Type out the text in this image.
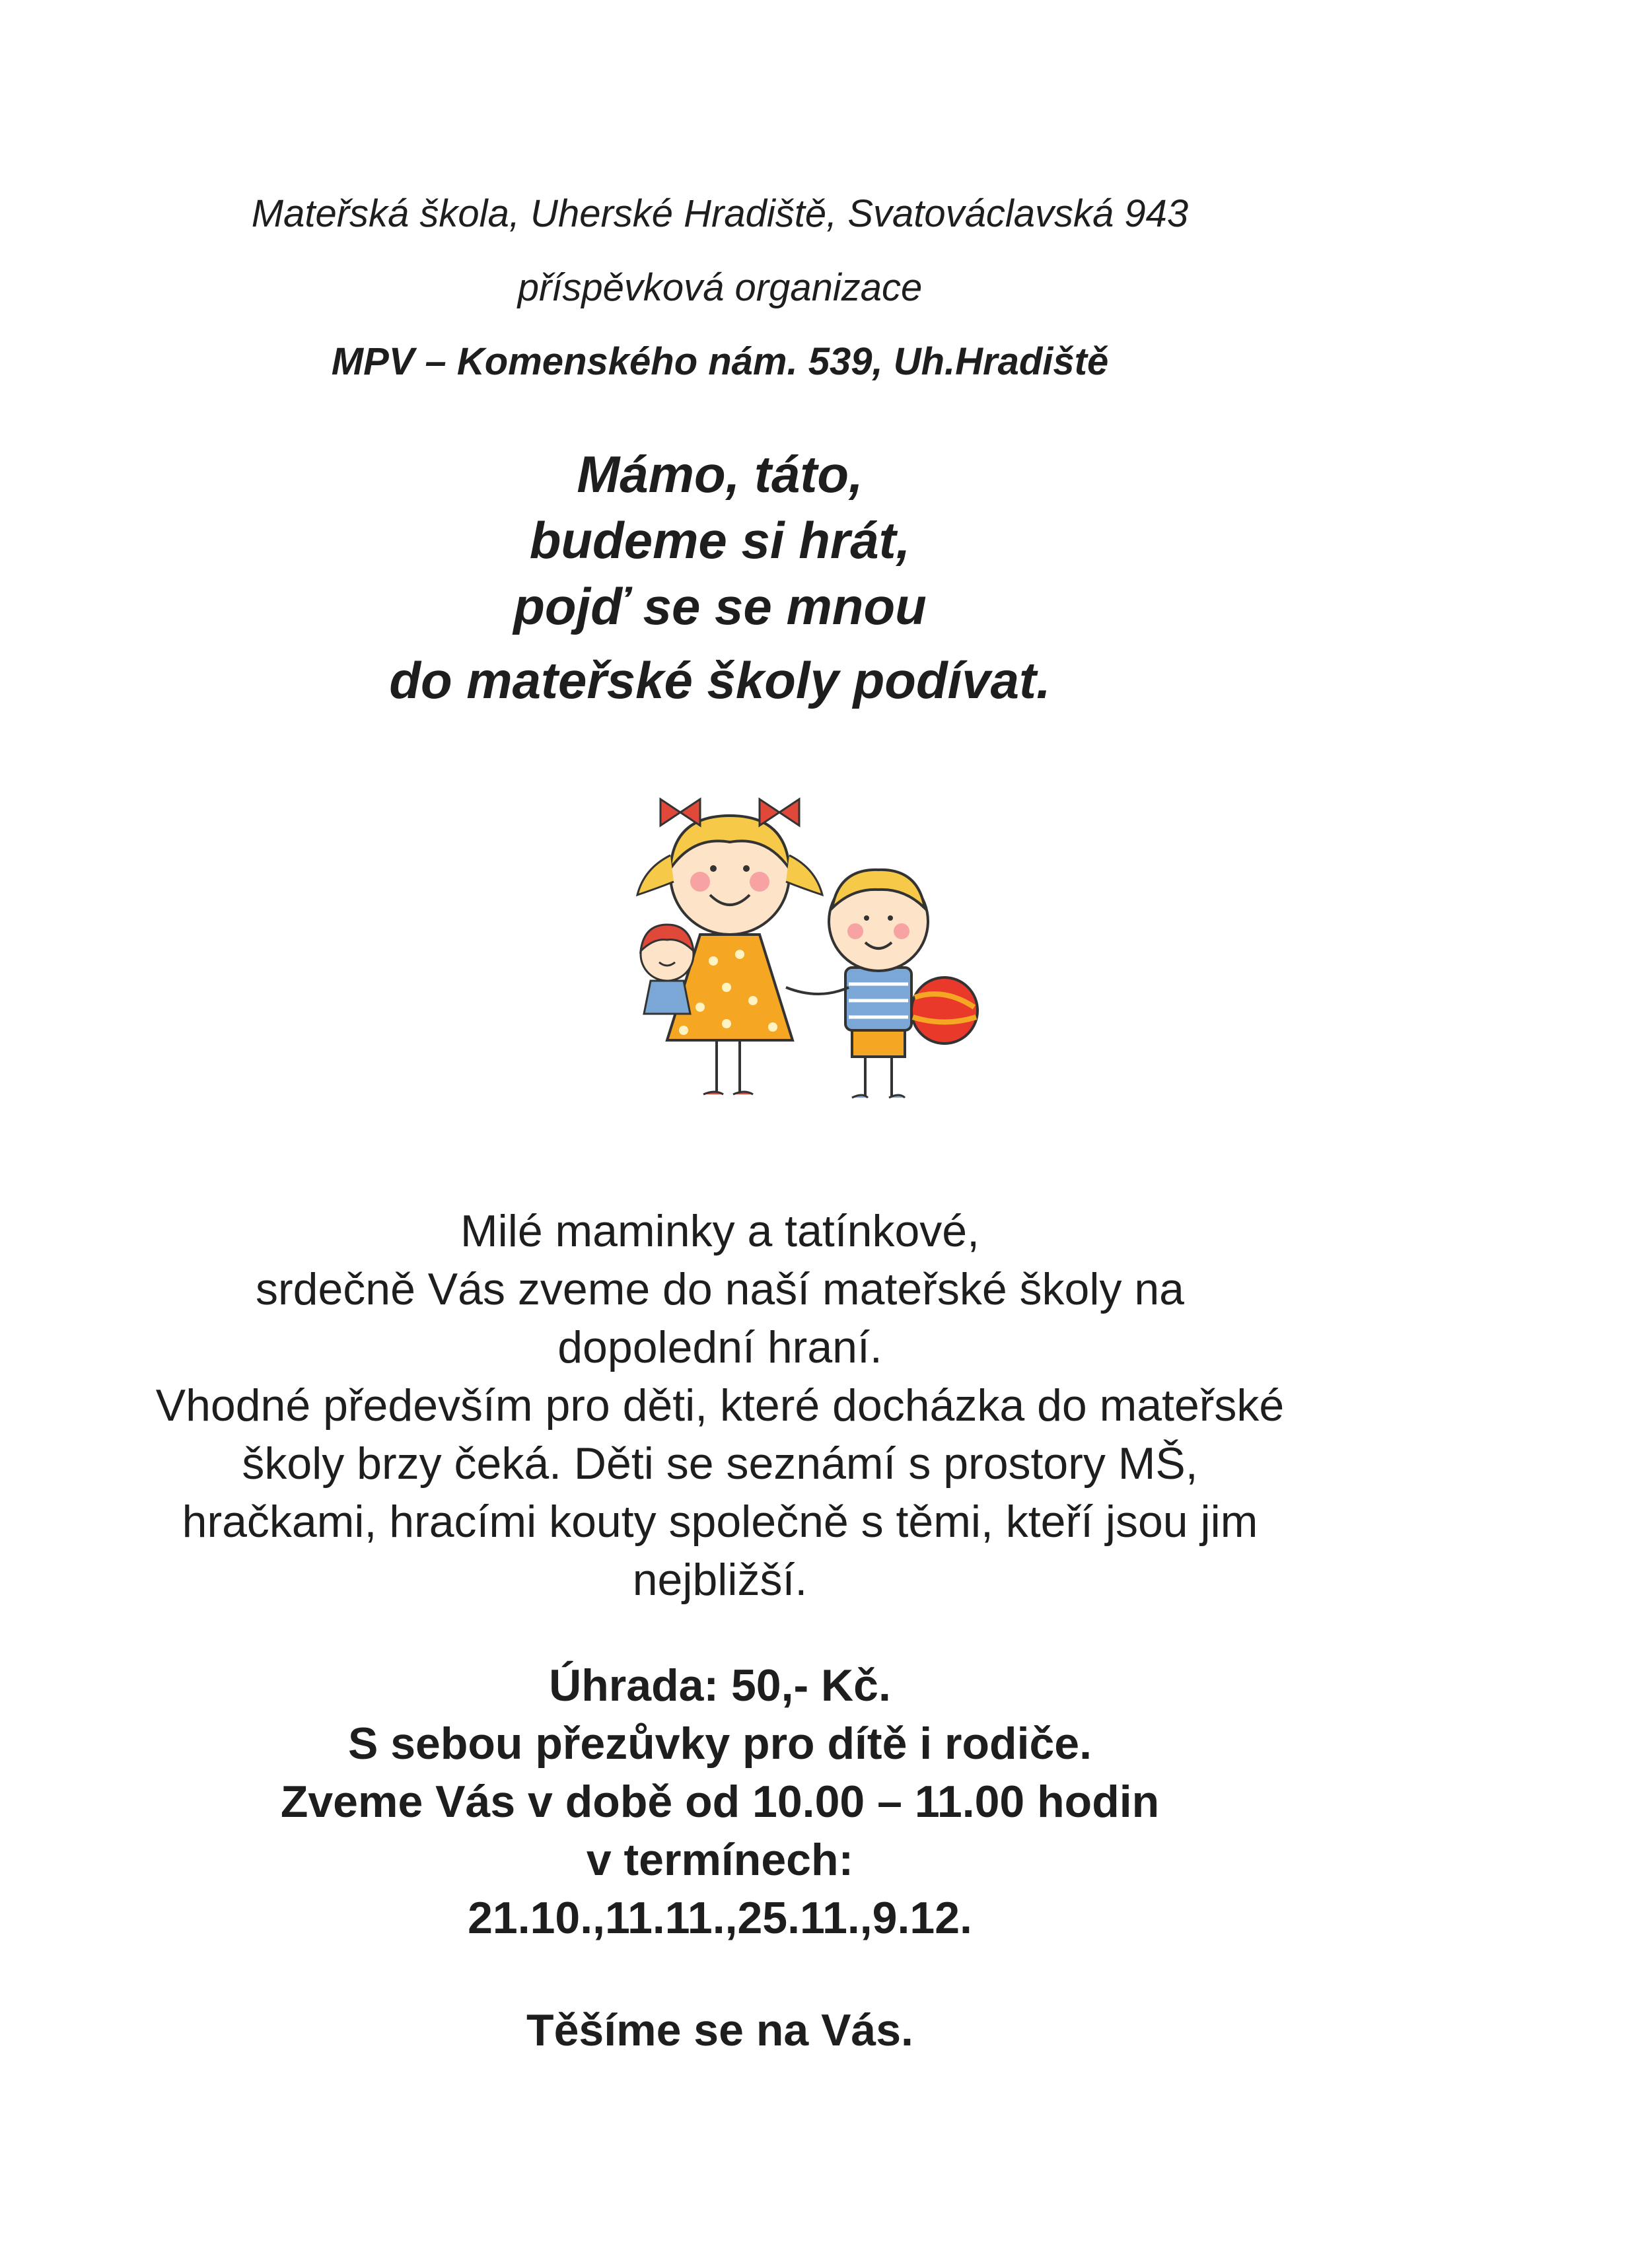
Mateřská škola, Uherské Hradiště, Svatováclavská 943
příspěvková organizace
MPV – Komenského nám. 539, Uh.Hradiště
Mámo, táto,
budeme si hrát,
pojď se se mnou
do mateřské školy podívat.
Milé maminky a tatínkové,
srdečně Vás zveme do naší mateřské školy na
dopolední hraní.
Vhodné především pro děti, které docházka do mateřské
školy brzy čeká. Děti se seznámí s prostory MŠ,
hračkami, hracími kouty společně s těmi, kteří jsou jim
nejbližší.
Úhrada: 50,- Kč.
S sebou přezůvky pro dítě i rodiče.
Zveme Vás v době od 10.00 – 11.00 hodin
v termínech:
21.10.,11.11.,25.11.,9.12.
Těšíme se na Vás.
